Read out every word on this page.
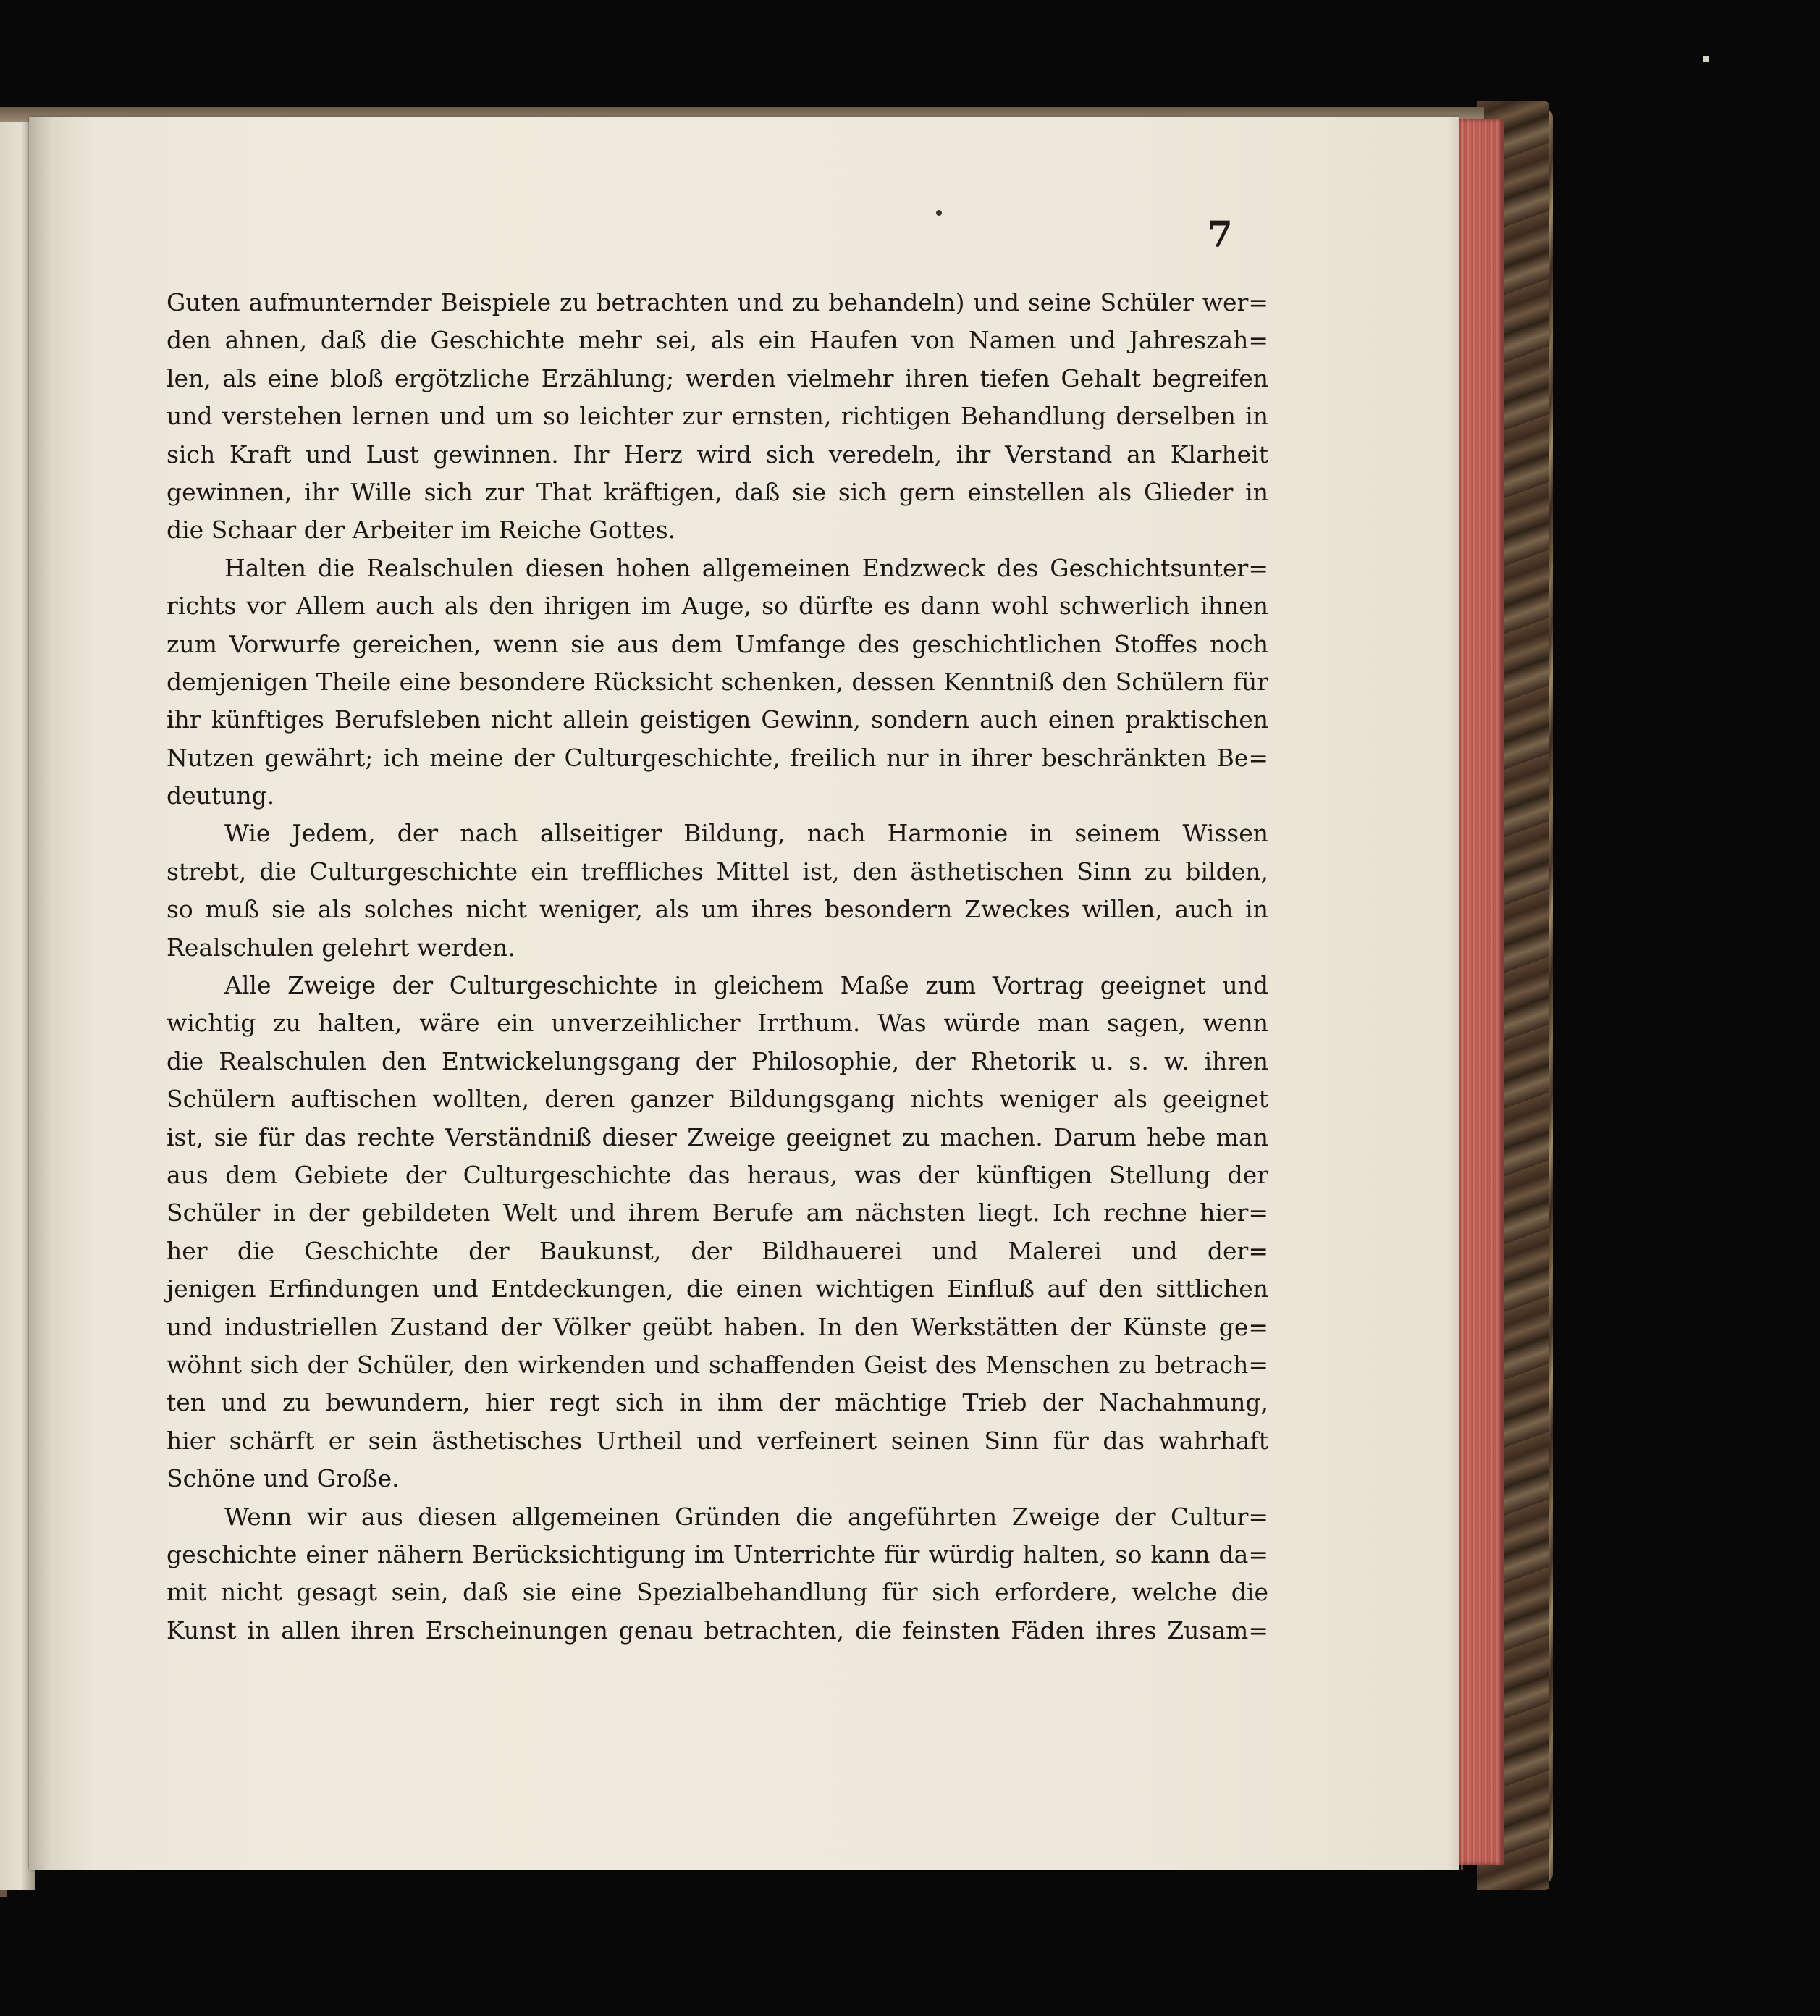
7
Guten aufmunternder Beispiele zu betrachten und zu behandeln) und seine Schüler wer=
den ahnen, daß die Geschichte mehr sei, als ein Haufen von Namen und Jahreszah=
len, als eine bloß ergötzliche Erzählung; werden vielmehr ihren tiefen Gehalt begreifen
und verstehen lernen und um so leichter zur ernsten, richtigen Behandlung derselben in
sich Kraft und Lust gewinnen. Ihr Herz wird sich veredeln, ihr Verstand an Klarheit
gewinnen, ihr Wille sich zur That kräftigen, daß sie sich gern einstellen als Glieder in
die Schaar der Arbeiter im Reiche Gottes.
Halten die Realschulen diesen hohen allgemeinen Endzweck des Geschichtsunter=
richts vor Allem auch als den ihrigen im Auge, so dürfte es dann wohl schwerlich ihnen
zum Vorwurfe gereichen, wenn sie aus dem Umfange des geschichtlichen Stoffes noch
demjenigen Theile eine besondere Rücksicht schenken, dessen Kenntniß den Schülern für
ihr künftiges Berufsleben nicht allein geistigen Gewinn, sondern auch einen praktischen
Nutzen gewährt; ich meine der Culturgeschichte, freilich nur in ihrer beschränkten Be=
deutung.
Wie Jedem, der nach allseitiger Bildung, nach Harmonie in seinem Wissen
strebt, die Culturgeschichte ein treffliches Mittel ist, den ästhetischen Sinn zu bilden,
so muß sie als solches nicht weniger, als um ihres besondern Zweckes willen, auch in
Realschulen gelehrt werden.
Alle Zweige der Culturgeschichte in gleichem Maße zum Vortrag geeignet und
wichtig zu halten, wäre ein unverzeihlicher Irrthum. Was würde man sagen, wenn
die Realschulen den Entwickelungsgang der Philosophie, der Rhetorik u. s. w. ihren
Schülern auftischen wollten, deren ganzer Bildungsgang nichts weniger als geeignet
ist, sie für das rechte Verständniß dieser Zweige geeignet zu machen. Darum hebe man
aus dem Gebiete der Culturgeschichte das heraus, was der künftigen Stellung der
Schüler in der gebildeten Welt und ihrem Berufe am nächsten liegt. Ich rechne hier=
her die Geschichte der Baukunst, der Bildhauerei und Malerei und der=
jenigen Erfindungen und Entdeckungen, die einen wichtigen Einfluß auf den sittlichen
und industriellen Zustand der Völker geübt haben. In den Werkstätten der Künste ge=
wöhnt sich der Schüler, den wirkenden und schaffenden Geist des Menschen zu betrach=
ten und zu bewundern, hier regt sich in ihm der mächtige Trieb der Nachahmung,
hier schärft er sein ästhetisches Urtheil und verfeinert seinen Sinn für das wahrhaft
Schöne und Große.
Wenn wir aus diesen allgemeinen Gründen die angeführten Zweige der Cultur=
geschichte einer nähern Berücksichtigung im Unterrichte für würdig halten, so kann da=
mit nicht gesagt sein, daß sie eine Spezialbehandlung für sich erfordere, welche die
Kunst in allen ihren Erscheinungen genau betrachten, die feinsten Fäden ihres Zusam=
